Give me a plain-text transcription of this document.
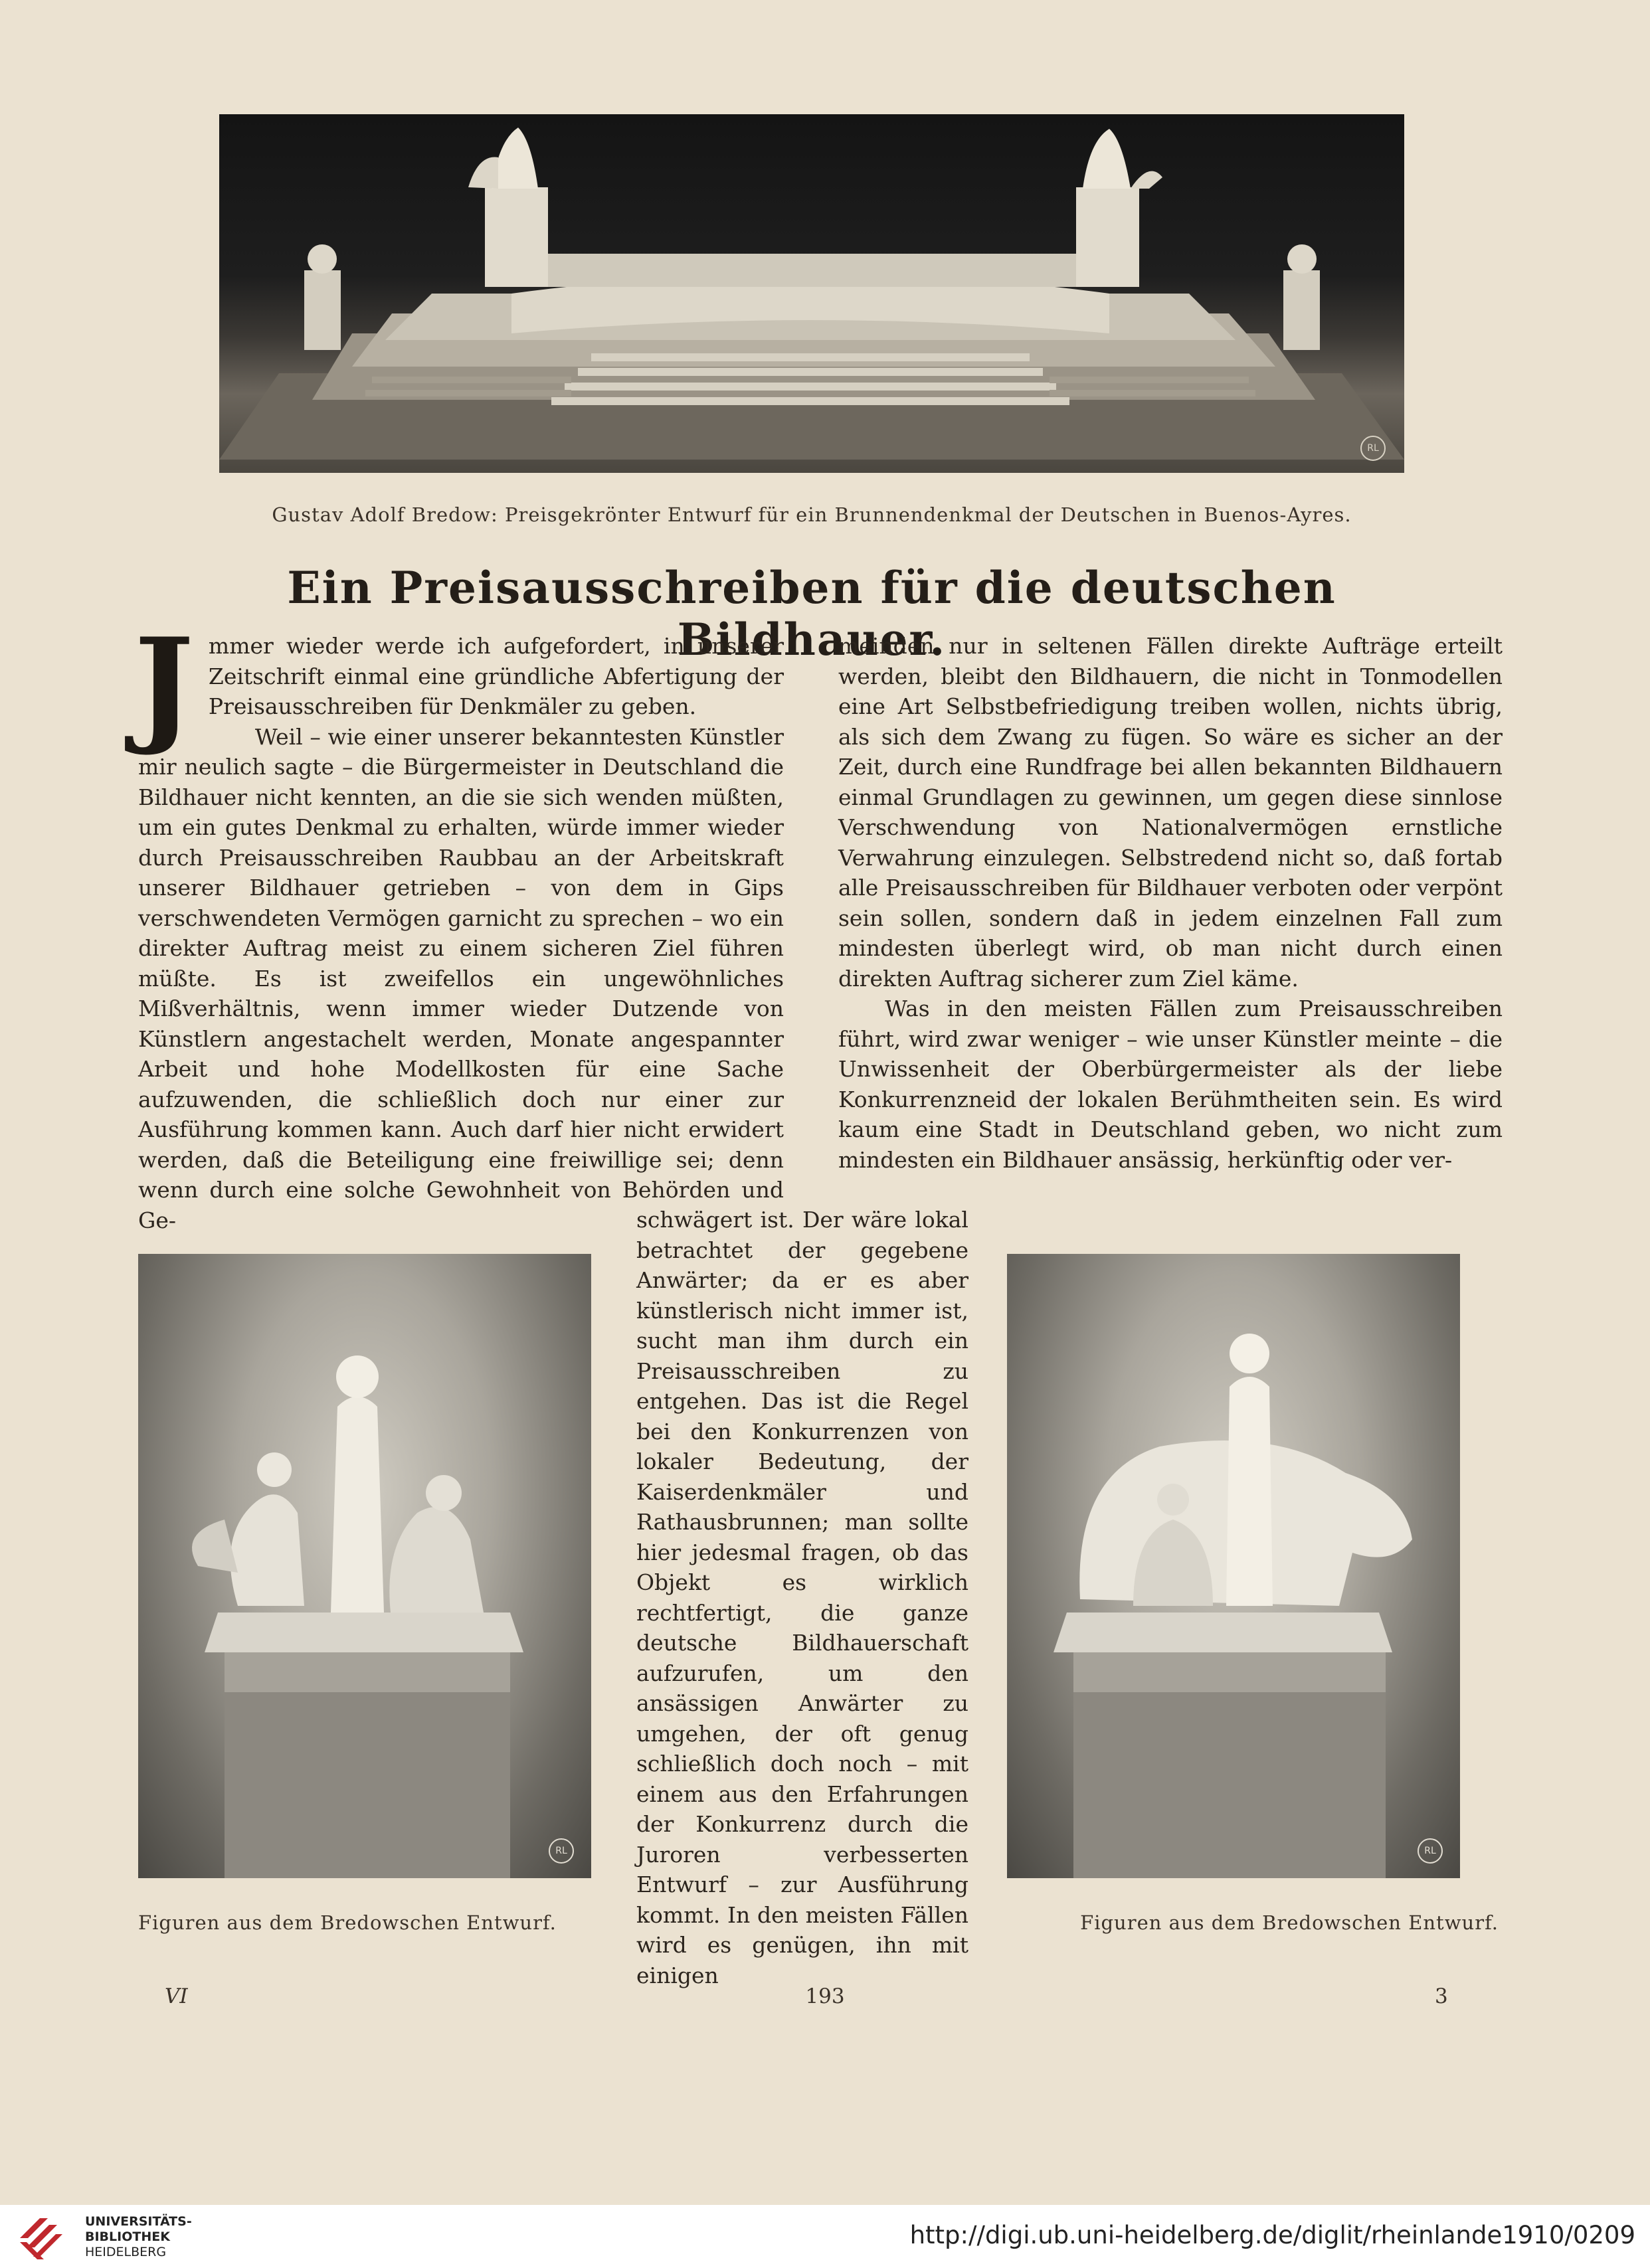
RL
Gustav Adolf Bredow: Preisgekrönter Entwurf für ein Brunnendenkmal der Deutschen in Buenos-Ayres.
Ein Preisausschreiben für die deutschen Bildhauer.

Jmmer wieder werde ich aufgefordert, in unserer Zeitschrift einmal eine gründliche Abfertigung der Preisausschreiben für Denkmäler zu geben.

Weil – wie einer unserer bekanntesten Künstler mir neulich sagte – die Bürgermeister in Deutschland die Bildhauer nicht kennten, an die sie sich wenden müßten, um ein gutes Denkmal zu erhalten, würde immer wieder durch Preisausschreiben Raubbau an der Arbeitskraft unserer Bildhauer getrieben – von dem in Gips verschwendeten Vermögen garnicht zu sprechen – wo ein direkter Auftrag meist zu einem sicheren Ziel führen müßte. Es ist zweifellos ein ungewöhnliches Mißverhältnis, wenn immer wieder Dutzende von Künstlern angestachelt werden, Monate angespannter Arbeit und hohe Modellkosten für eine Sache aufzuwenden, die schließlich doch nur einer zur Ausführung kommen kann. Auch darf hier nicht erwidert werden, daß die Beteiligung eine freiwillige sei; denn wenn durch eine solche Gewohnheit von Behörden und Ge-

meinden nur in seltenen Fällen direkte Aufträge erteilt werden, bleibt den Bildhauern, die nicht in Tonmodellen eine Art Selbstbefriedigung treiben wollen, nichts übrig, als sich dem Zwang zu fügen. So wäre es sicher an der Zeit, durch eine Rundfrage bei allen bekannten Bildhauern einmal Grundlagen zu gewinnen, um gegen diese sinnlose Verschwendung von Nationalvermögen ernstliche Verwahrung einzulegen. Selbstredend nicht so, daß fortab alle Preisausschreiben für Bildhauer verboten oder verpönt sein sollen, sondern daß in jedem einzelnen Fall zum mindesten überlegt wird, ob man nicht durch einen direkten Auftrag sicherer zum Ziel käme.

Was in den meisten Fällen zum Preisausschreiben führt, wird zwar weniger – wie unser Künstler meinte – die Unwissenheit der Oberbürgermeister als der liebe Konkurrenzneid der lokalen Berühmtheiten sein. Es wird kaum eine Stadt in Deutschland geben, wo nicht zum mindesten ein Bildhauer ansässig, herkünftig oder ver-

schwägert ist. Der wäre lokal betrachtet der gegebene Anwärter; da er es aber künstlerisch nicht immer ist, sucht man ihm durch ein Preisausschreiben zu entgehen. Das ist die Regel bei den Konkurrenzen von lokaler Bedeutung, der Kaiserdenkmäler und Rathausbrunnen; man sollte hier jedesmal fragen, ob das Objekt es wirklich rechtfertigt, die ganze deutsche Bildhauerschaft aufzurufen, um den ansässigen Anwärter zu umgehen, der oft genug schließlich doch noch – mit einem aus den Erfahrungen der Konkurrenz durch die Juroren verbesserten Entwurf – zur Ausführung kommt. In den meisten Fällen wird es genügen, ihn mit einigen

RL	RL
Figuren aus dem Bredowschen Entwurf.	Figuren aus dem Bredowschen Entwurf.
VI	193	3
UNIVERSITÄTS-
BIBLIOTHEK
HEIDELBERG
http://digi.ub.uni-heidelberg.de/diglit/rheinlande1910/0209
